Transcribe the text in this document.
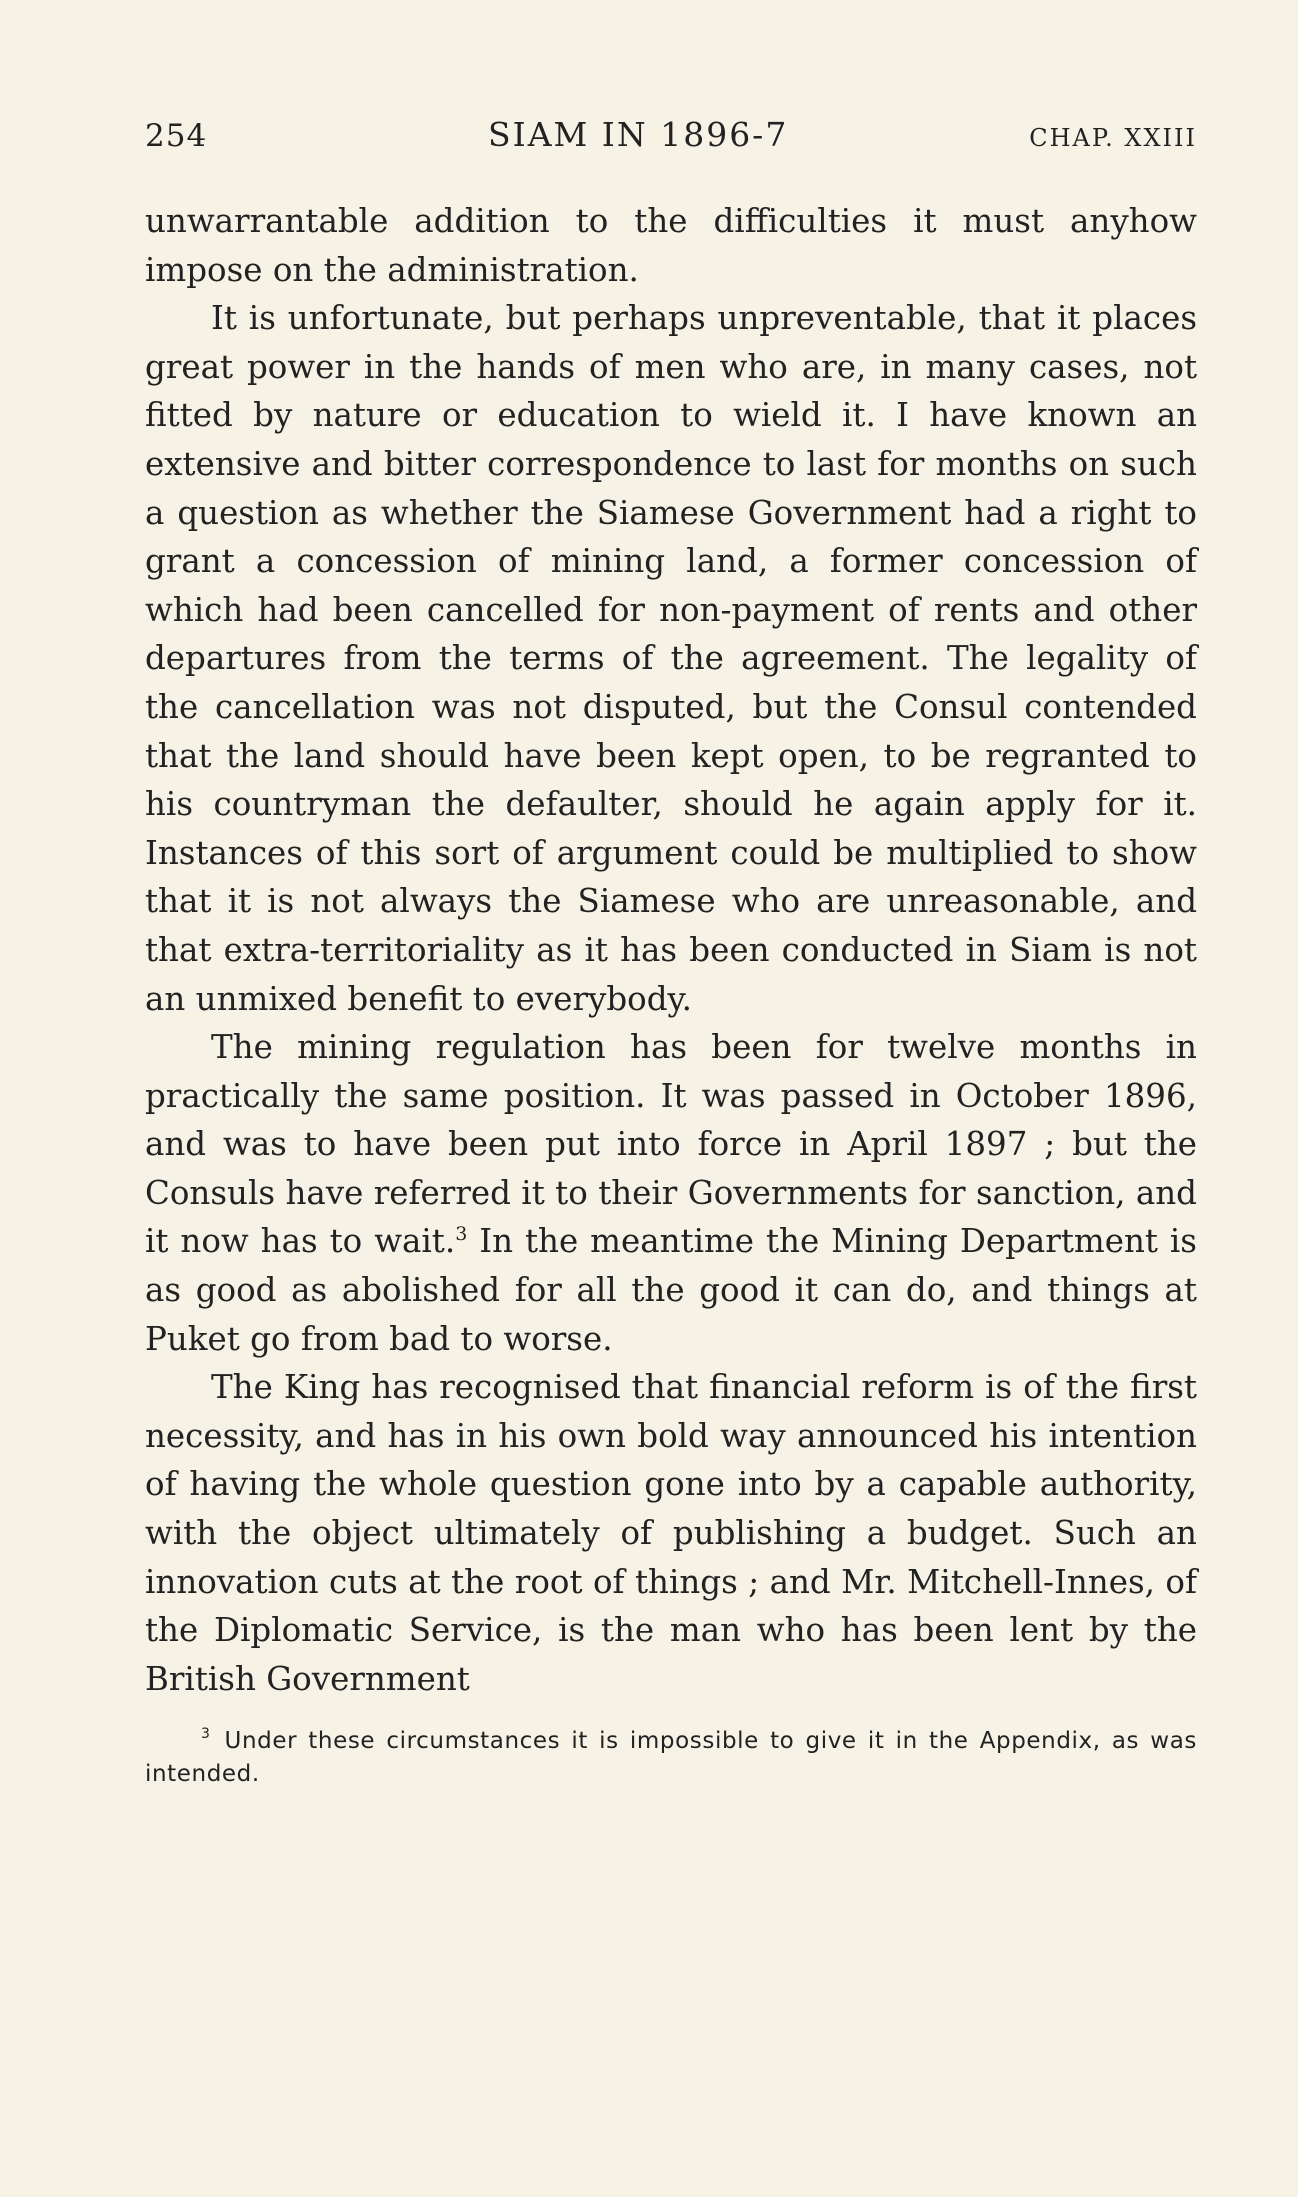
254	SIAM IN 1896-7	CHAP. XXIII

unwarrantable addition to the difficulties it must anyhow impose on the administration.

It is unfortunate, but perhaps unpreventable, that it places great power in the hands of men who are, in many cases, not fitted by nature or education to wield it. I have known an extensive and bitter correspondence to last for months on such a question as whether the Siamese Government had a right to grant a concession of mining land, a former concession of which had been cancelled for non-payment of rents and other departures from the terms of the agreement. The legality of the cancellation was not disputed, but the Consul contended that the land should have been kept open, to be regranted to his countryman the defaulter, should he again apply for it. Instances of this sort of argument could be multiplied to show that it is not always the Siamese who are unreasonable, and that extra-territoriality as it has been conducted in Siam is not an unmixed benefit to everybody.

The mining regulation has been for twelve months in practically the same position. It was passed in October 1896, and was to have been put into force in April 1897 ; but the Consuls have referred it to their Governments for sanction, and it now has to wait.$^3$ In the meantime the Mining Department is as good as abolished for all the good it can do, and things at Puket go from bad to worse.

The King has recognised that financial reform is of the first necessity, and has in his own bold way announced his intention of having the whole question gone into by a capable authority, with the object ultimately of publishing a budget. Such an innovation cuts at the root of things ; and Mr. Mitchell-Innes, of the Diplomatic Service, is the man who has been lent by the British Government

3 Under these circumstances it is impossible to give it in the Appendix, as was intended.
